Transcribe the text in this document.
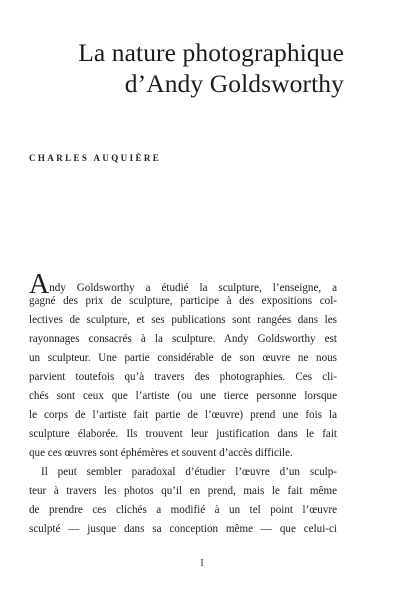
La nature photographique
d’Andy Goldsworthy
CHARLES AUQUIÈRE
Andy Goldsworthy a étudié la sculpture, l’enseigne, a
gagné des prix de sculpture, participe à des expositions col-
lectives de sculpture, et ses publications sont rangées dans les
rayonnages consacrés à la sculpture. Andy Goldsworthy est
un sculpteur. Une partie considérable de son œuvre ne nous
parvient toutefois qu’à travers des photographies. Ces cli-
chés sont ceux que l’artiste (ou une tierce personne lorsque
le corps de l’artiste fait partie de l’œuvre) prend une fois la
sculpture élaborée. Ils trouvent leur justification dans le fait
que ces œuvres sont éphémères et souvent d’accès difficile.
Il peut sembler paradoxal d’étudier l’œuvre d’un sculp-
teur à travers les photos qu’il en prend, mais le fait même
de prendre ces clichés a modifié à un tel point l’œuvre
sculpté — jusque dans sa conception même — que celui-ci
I
